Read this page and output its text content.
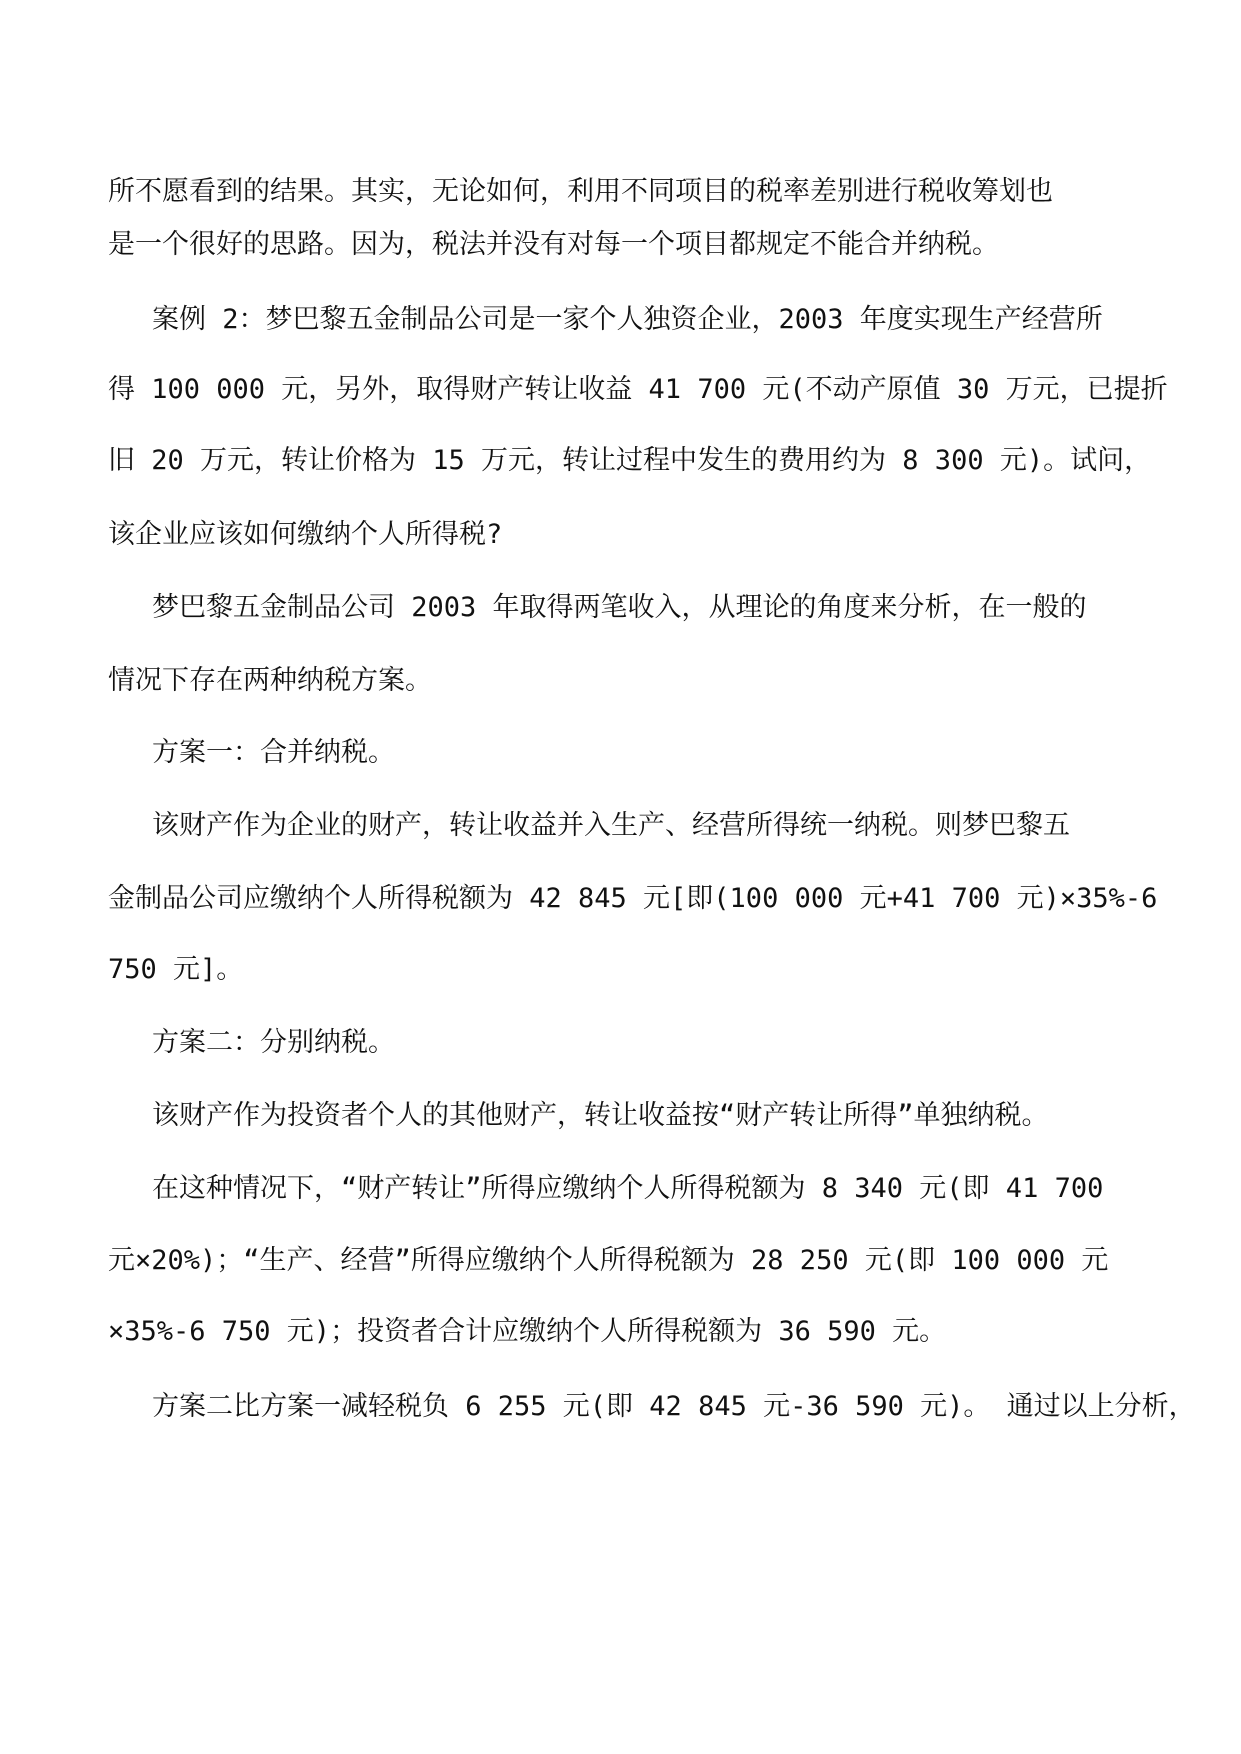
所不愿看到的结果。其实，无论如何，利用不同项目的税率差别进行税收筹划也
是一个很好的思路。因为，税法并没有对每一个项目都规定不能合并纳税。
案例 2：梦巴黎五金制品公司是一家个人独资企业，2003 年度实现生产经营所
得 100 000 元，另外，取得财产转让收益 41 700 元(不动产原值 30 万元，已提折
旧 20 万元，转让价格为 15 万元，转让过程中发生的费用约为 8 300 元)。试问，
该企业应该如何缴纳个人所得税?
梦巴黎五金制品公司 2003 年取得两笔收入，从理论的角度来分析，在一般的
情况下存在两种纳税方案。
方案一：合并纳税。
该财产作为企业的财产，转让收益并入生产、经营所得统一纳税。则梦巴黎五
金制品公司应缴纳个人所得税额为 42 845 元[即(100 000 元+41 700 元)×35%-6
750 元]。
方案二：分别纳税。
该财产作为投资者个人的其他财产，转让收益按“财产转让所得”单独纳税。
在这种情况下，“财产转让”所得应缴纳个人所得税额为 8 340 元(即 41 700
元×20%)；“生产、经营”所得应缴纳个人所得税额为 28 250 元(即 100 000 元
×35%-6 750 元)；投资者合计应缴纳个人所得税额为 36 590 元。
方案二比方案一减轻税负 6 255 元(即 42 845 元-36 590 元)。 通过以上分析，
